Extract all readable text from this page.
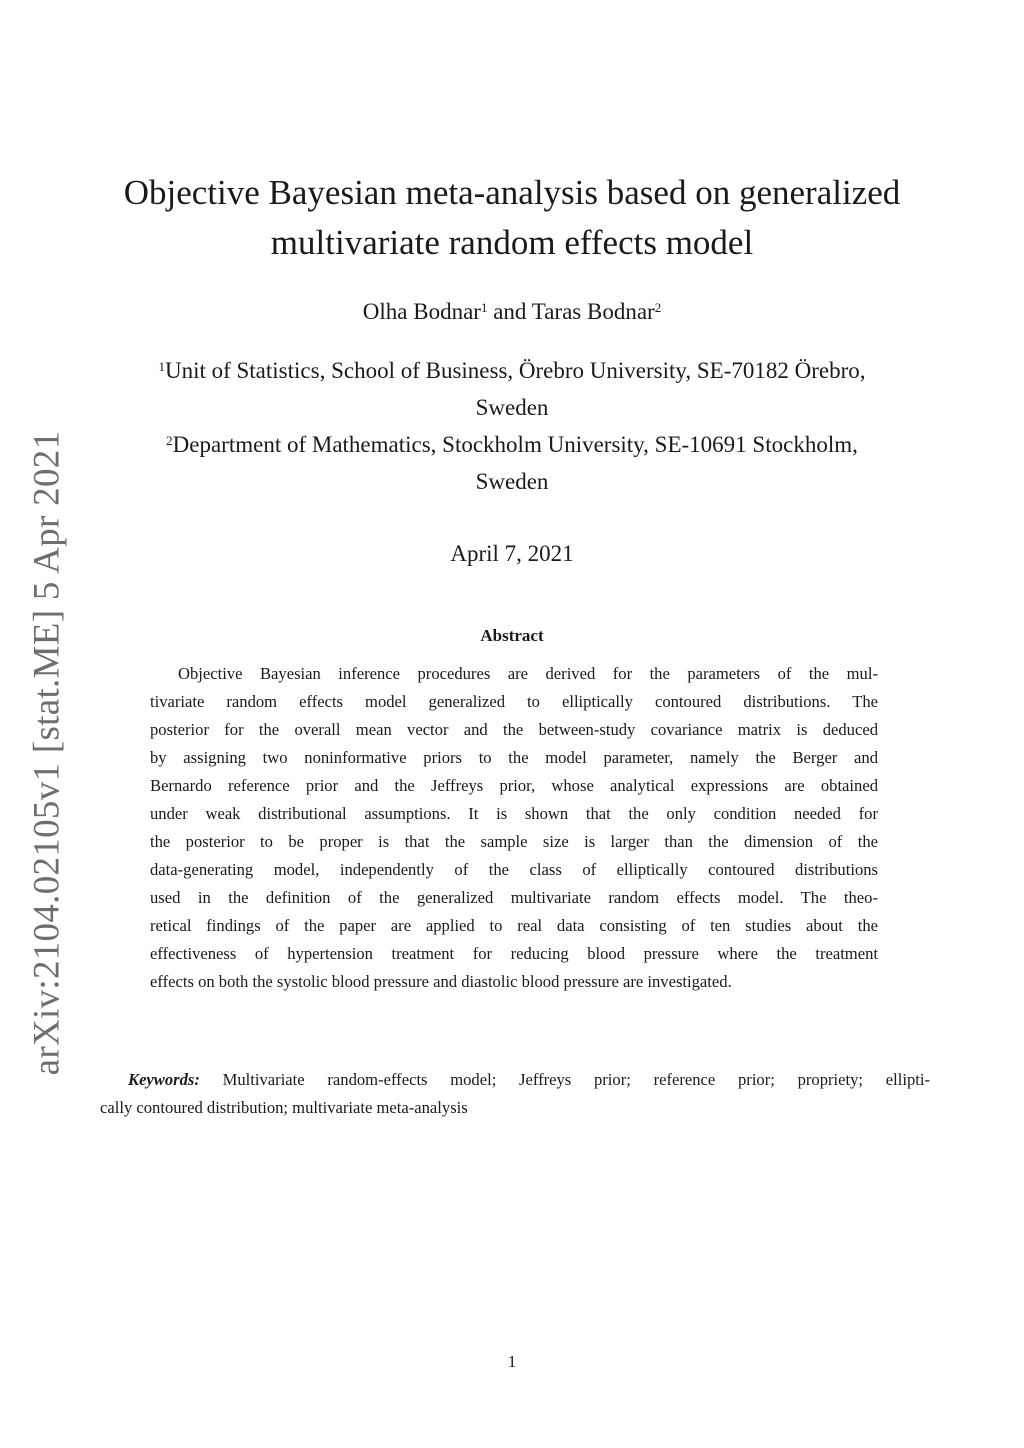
arXiv:2104.02105v1 [stat.ME] 5 Apr 2021
Objective Bayesian meta-analysis based on generalized
multivariate random effects model
Olha Bodnar$^1$ and Taras Bodnar$^2$
$^1$Unit of Statistics, School of Business, Örebro University, SE-70182 Örebro,
Sweden
$^2$Department of Mathematics, Stockholm University, SE-10691 Stockholm,
Sweden
April 7, 2021
Abstract
Objective Bayesian inference procedures are derived for the parameters of the mul-
tivariate random effects model generalized to elliptically contoured distributions. The
posterior for the overall mean vector and the between-study covariance matrix is deduced
by assigning two noninformative priors to the model parameter, namely the Berger and
Bernardo reference prior and the Jeffreys prior, whose analytical expressions are obtained
under weak distributional assumptions. It is shown that the only condition needed for
the posterior to be proper is that the sample size is larger than the dimension of the
data-generating model, independently of the class of elliptically contoured distributions
used in the definition of the generalized multivariate random effects model. The theo-
retical findings of the paper are applied to real data consisting of ten studies about the
effectiveness of hypertension treatment for reducing blood pressure where the treatment
effects on both the systolic blood pressure and diastolic blood pressure are investigated.
Keywords: Multivariate random-effects model; Jeffreys prior; reference prior; propriety; ellipti-
cally contoured distribution; multivariate meta-analysis
1
